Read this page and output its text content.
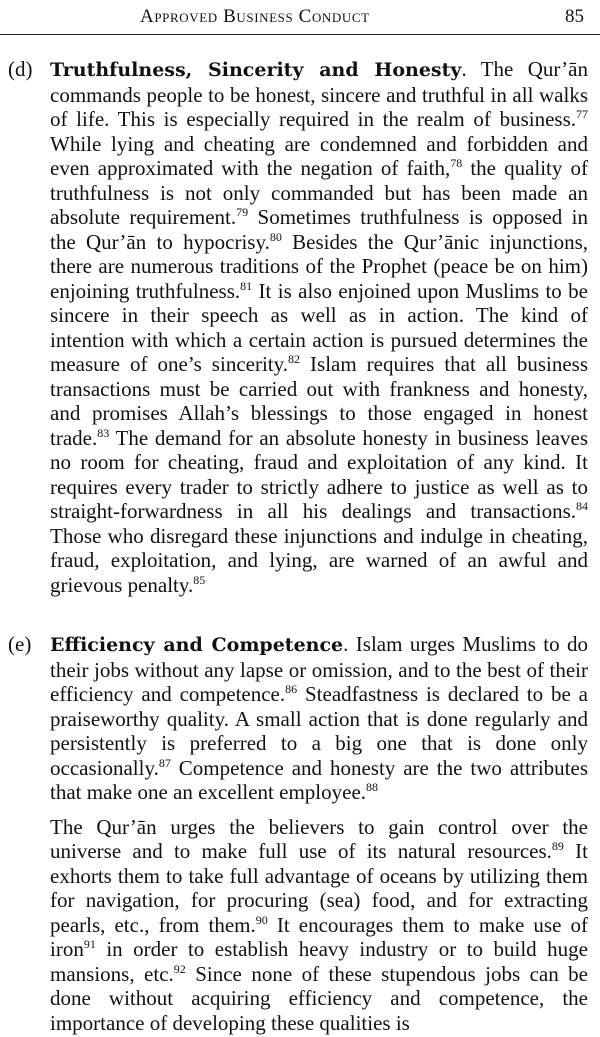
Approved Business Conduct	85
(d) Truthfulness, Sincerity and Honesty. The Qur’ān commands people to be honest, sincere and truthful in all walks of life. This is especially required in the realm of business.$^{77}$ While lying and cheating are condemned and forbidden and even approximated with the negation of faith,$^{78}$ the quality of truthfulness is not only commanded but has been made an absolute requirement.$^{79}$ Sometimes truthfulness is opposed in the Qur’ān to hypocrisy.$^{80}$ Besides the Qur’ānic injunctions, there are numerous traditions of the Prophet (peace be on him) enjoining truthfulness.$^{81}$ It is also enjoined upon Muslims to be sincere in their speech as well as in action. The kind of intention with which a certain action is pursued determines the measure of one’s sincerity.$^{82}$ Islam requires that all business transactions must be carried out with frankness and honesty, and promises Allah’s blessings to those engaged in honest trade.$^{83}$ The demand for an absolute honesty in business leaves no room for cheating, fraud and exploitation of any kind. It requires every trader to strictly adhere to justice as well as to straight-forwardness in all his dealings and transactions.$^{84}$ Those who disregard these injunctions and indulge in cheating, fraud, exploitation, and lying, are warned of an awful and grievous penalty.$^{85}$

(e) Efficiency and Competence. Islam urges Muslims to do their jobs without any lapse or omission, and to the best of their efficiency and competence.$^{86}$ Steadfastness is declared to be a praiseworthy quality. A small action that is done regularly and persistently is preferred to a big one that is done only occasionally.$^{87}$ Competence and honesty are the two attributes that make one an excellent employee.$^{88}$

The Qur’ān urges the believers to gain control over the universe and to make full use of its natural resources.$^{89}$ It exhorts them to take full advantage of oceans by utilizing them for navigation, for procuring (sea) food, and for extracting pearls, etc., from them.$^{90}$ It encourages them to make use of iron$^{91}$ in order to establish heavy industry or to build huge mansions, etc.$^{92}$ Since none of these stupendous jobs can be done without acquiring efficiency and competence, the importance of developing these qualities is
